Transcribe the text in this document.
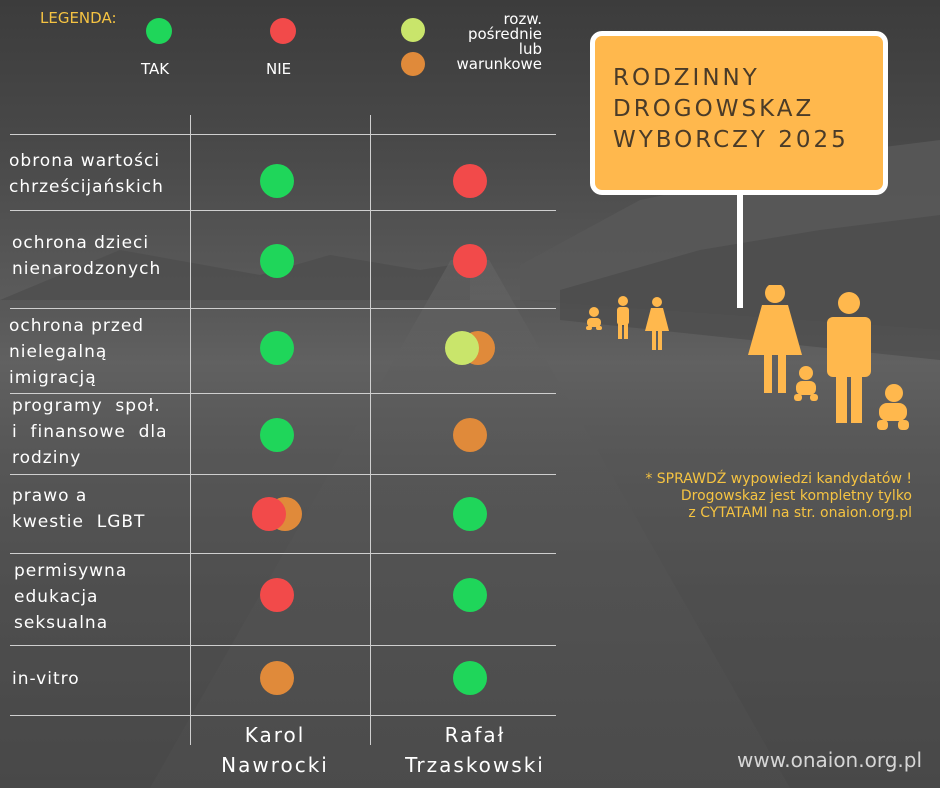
LEGENDA:
TAK	NIE
rozw.
pośrednie
lub
warunkowe
RODZINNY
DROGOWSKAZ
WYBORCZY 2025
obrona wartości
chrześcijańskich
ochrona dzieci
nienarodzonych
ochrona przed
nielegalną
imigracją
programy  społ.
i  finansowe  dla
rodziny
prawo a
kwestie  LGBT
permisywna
edukacja
seksualna
in-vitro
Karol
Nawrocki
Rafał
Trzaskowski
* SPRAWDŹ wypowiedzi kandydatów !
Drogowskaz jest kompletny tylko
z CYTATAMI na str. onaion.org.pl
www.onaion.org.pl
